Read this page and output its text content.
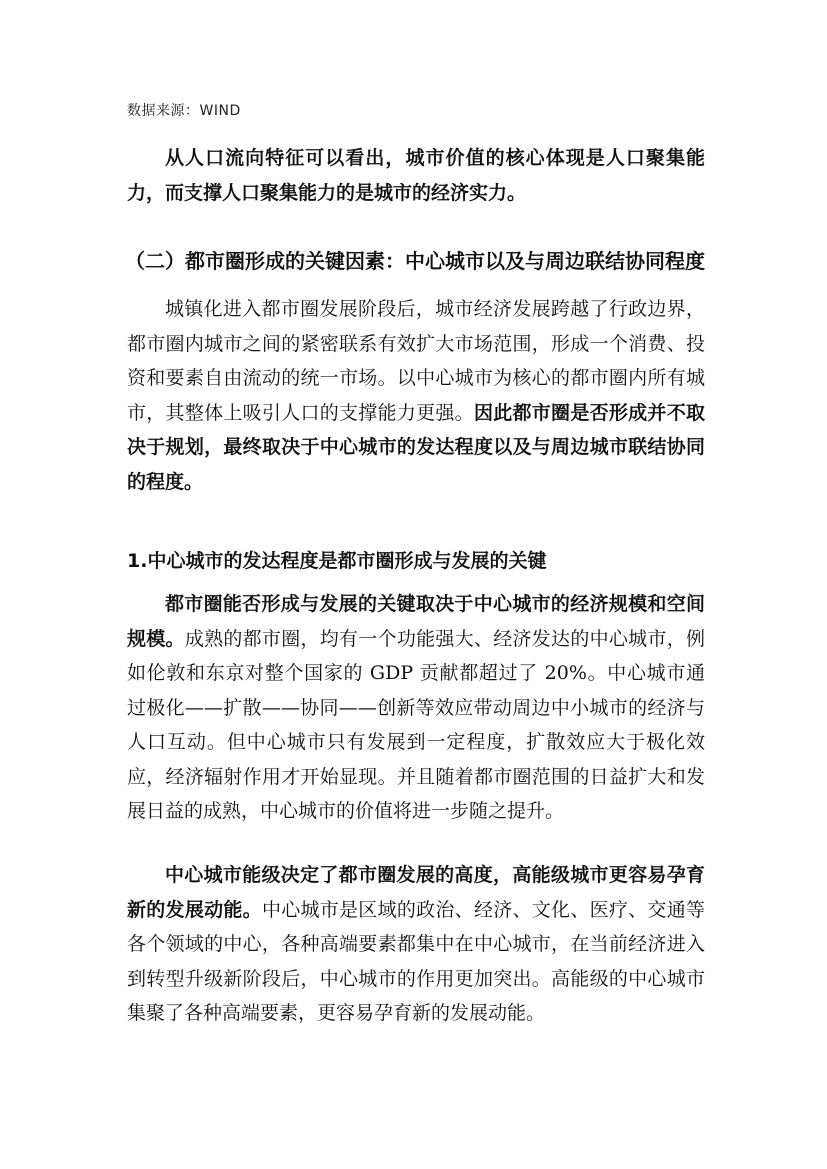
数据来源：WIND

从人口流向特征可以看出，城市价值的核心体现是人口聚集能力，而支撑人口聚集能力的是城市的经济实力。

（二）都市圈形成的关键因素：中心城市以及与周边联结协同程度

城镇化进入都市圈发展阶段后，城市经济发展跨越了行政边界，都市圈内城市之间的紧密联系有效扩大市场范围，形成一个消费、投资和要素自由流动的统一市场。以中心城市为核心的都市圈内所有城市，其整体上吸引人口的支撑能力更强。因此都市圈是否形成并不取决于规划，最终取决于中心城市的发达程度以及与周边城市联结协同的程度。

1.中心城市的发达程度是都市圈形成与发展的关键

都市圈能否形成与发展的关键取决于中心城市的经济规模和空间规模。成熟的都市圈，均有一个功能强大、经济发达的中心城市，例如伦敦和东京对整个国家的 GDP 贡献都超过了 20%。中心城市通过极化——扩散——协同——创新等效应带动周边中小城市的经济与人口互动。但中心城市只有发展到一定程度，扩散效应大于极化效应，经济辐射作用才开始显现。并且随着都市圈范围的日益扩大和发展日益的成熟，中心城市的价值将进一步随之提升。

中心城市能级决定了都市圈发展的高度，高能级城市更容易孕育新的发展动能。中心城市是区域的政治、经济、文化、医疗、交通等各个领域的中心，各种高端要素都集中在中心城市，在当前经济进入到转型升级新阶段后，中心城市的作用更加突出。高能级的中心城市集聚了各种高端要素，更容易孕育新的发展动能。
